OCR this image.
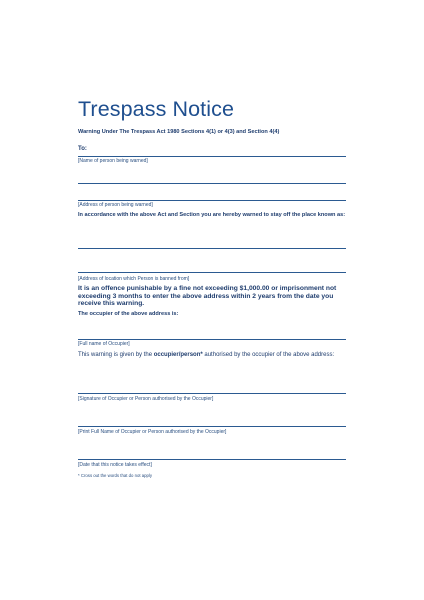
Trespass Notice
Warning Under The Trespass Act 1980 Sections 4(1) or 4(3) and Section 4(4)
To:
[Name of person being warned]
[Address of person being warned]
In accordance with the above Act and Section you are hereby warned to stay off the place known as:
[Address of location which Person is banned from]
It is an offence punishable by a fine not exceeding $1,000.00 or imprisonment not exceeding 3 months to enter the above address within 2 years from the date you receive this warning.
The occupier of the above address is:
[Full name of Occupier]
This warning is given by the occupier/person* authorised by the occupier of the above address:
[Signature of Occupier or Person authorised by the Occupier]
[Print Full Name of Occupier or Person authorised by the Occupier]
[Date that this notice takes effect]
* Cross out the words that do not apply
